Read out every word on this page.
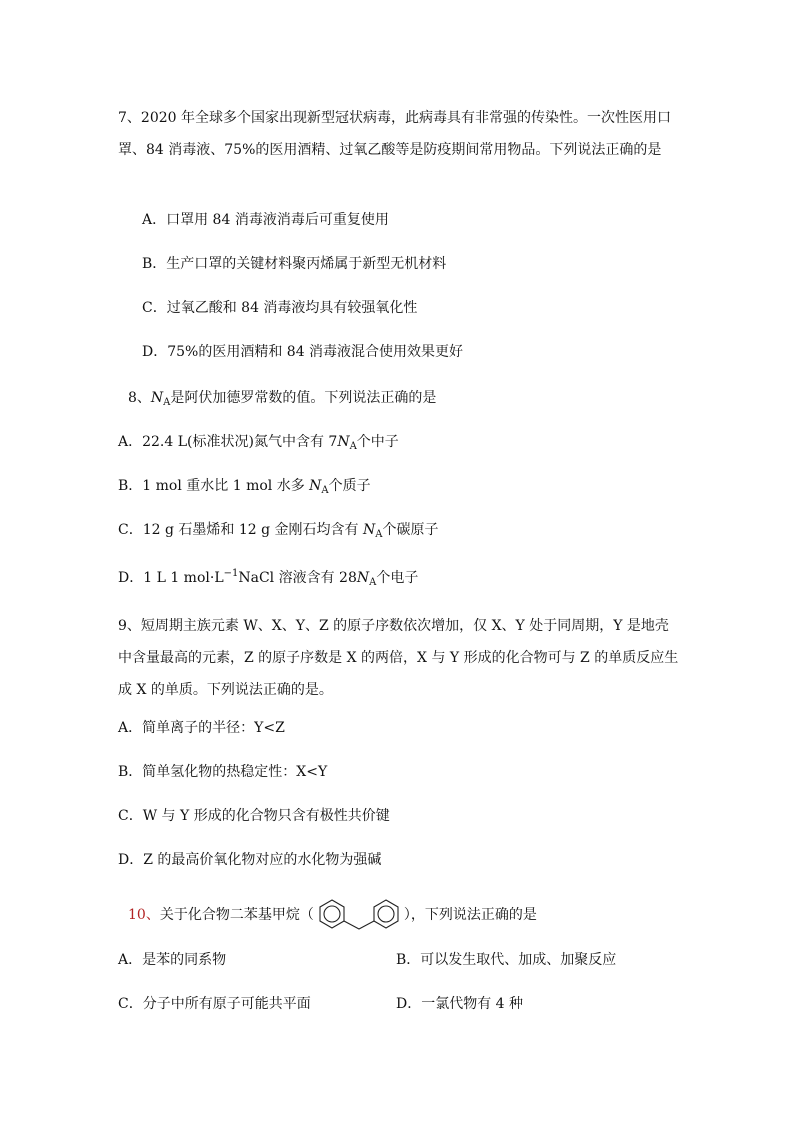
7、2020 年全球多个国家出现新型冠状病毒，此病毒具有非常强的传染性。一次性医用口罩、84 消毒液、75%的医用酒精、过氧乙酸等是防疫期间常用物品。下列说法正确的是
A．口罩用 84 消毒液消毒后可重复使用
B．生产口罩的关键材料聚丙烯属于新型无机材料
C．过氧乙酸和 84 消毒液均具有较强氧化性
D．75%的医用酒精和 84 消毒液混合使用效果更好
8、$N_A$是阿伏加德罗常数的值。下列说法正确的是
A．22.4 L(标准状况)氮气中含有 $7N_A$个中子
B．1 mol 重水比 1 mol 水多 $N_A$个质子
C．12 g 石墨烯和 12 g 金刚石均含有 $N_A$个碳原子
D．1 L 1 $mol\cdot L^{-1}NaCl$ 溶液含有 $28N_A$个电子
9、短周期主族元素 W、X、Y、Z 的原子序数依次增加，仅 X、Y 处于同周期，Y 是地壳中含量最高的元素，Z 的原子序数是 X 的两倍，X 与 Y 形成的化合物可与 Z 的单质反应生成 X 的单质。下列说法正确的是。
A．简单离子的半径：Y<Z
B．简单氢化物的热稳定性：X<Y
C．W 与 Y 形成的化合物只含有极性共价键
D．Z 的最高价氧化物对应的水化物为强碱
10、 关于化合物二苯基甲烷（	），下列说法正确的是
A．是苯的同系物	B．可以发生取代、加成、加聚反应
C．分子中所有原子可能共平面	D．一氯代物有 4 种
